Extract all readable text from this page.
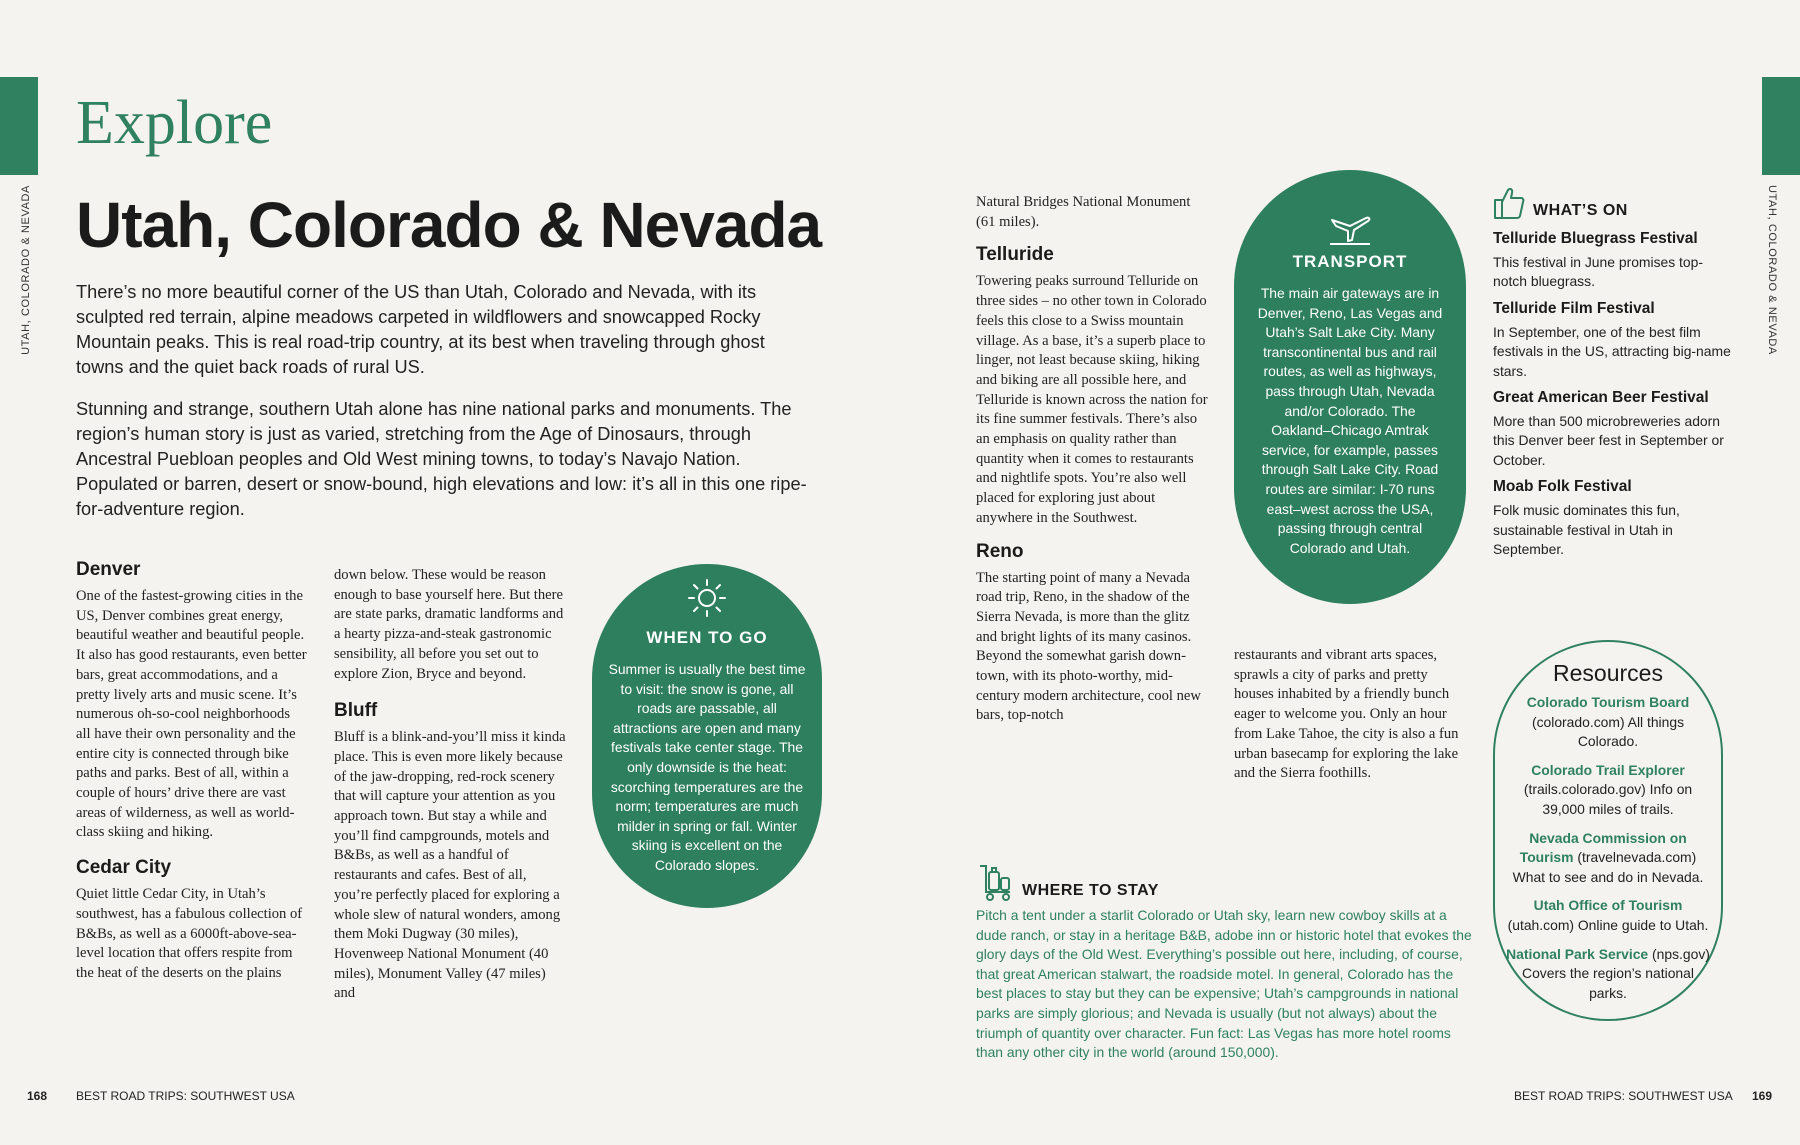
UTAH, COLORADO & NEVADA	UTAH, COLORADO & NEVADA
Explore
Utah, Colorado & Nevada

There’s no more beautiful corner of the US than Utah, Colorado and Nevada, with its sculpted red terrain, alpine meadows carpeted in wildflowers and snowcapped Rocky Mountain peaks. This is real road-trip country, at its best when traveling through ghost towns and the quiet back roads of rural US.

Stunning and strange, southern Utah alone has nine national parks and monuments. The region’s human story is just as varied, stretching from the Age of Dinosaurs, through Ancestral Puebloan peoples and Old West mining towns, to today’s Navajo Nation. Populated or barren, desert or snow-bound, high elevations and low: it’s all in this one ripe-for-adventure region.

Denver

One of the fastest-growing cities in the US, Denver combines great energy, beautiful weather and beautiful people. It also has good restaurants, even better bars, great accommodations, and a pretty lively arts and music scene. It’s numerous oh-so-cool neighborhoods all have their own personality and the entire city is connected through bike paths and parks. Best of all, within a couple of hours’ drive there are vast areas of wilderness, as well as world-class skiing and hiking.

Cedar City

Quiet little Cedar City, in Utah’s southwest, has a fabulous collection of B&Bs, as well as a 6000ft-above-sea-level location that offers respite from the heat of the deserts on the plains

down below. These would be reason enough to base yourself here. But there are state parks, dramatic landforms and a hearty pizza-and-steak gastronomic sensibility, all before you set out to explore Zion, Bryce and beyond.

Bluff

Bluff is a blink-and-you’ll miss it kinda place. This is even more likely because of the jaw-dropping, red-rock scenery that will capture your attention as you approach town. But stay a while and you’ll find campgrounds, motels and B&Bs, as well as a handful of restaurants and cafes. Best of all, you’re perfectly placed for exploring a whole slew of natural wonders, among them Moki Dugway (30 miles), Hovenweep National Monument (40 miles), Monument Valley (47 miles) and

WHEN TO GO

Summer is usually the best time to visit: the snow is gone, all roads are passable, all attractions are open and many festivals take center stage. The only downside is the heat: scorching temperatures are the norm; temperatures are much milder in spring or fall. Winter skiing is excellent on the Colorado slopes.

Natural Bridges National Monument (61 miles).

Telluride

Towering peaks surround Telluride on three sides – no other town in Colorado feels this close to a Swiss mountain village. As a base, it’s a superb place to linger, not least because skiing, hiking and biking are all possible here, and Telluride is known across the nation for its fine summer festivals. There’s also an emphasis on quality rather than quantity when it comes to restaurants and nightlife spots. You’re also well placed for exploring just about anywhere in the Southwest.

Reno

The starting point of many a Nevada road trip, Reno, in the shadow of the Sierra Nevada, is more than the glitz and bright lights of its many casinos. Beyond the somewhat garish downtown, with its photo-worthy, mid-century modern architecture, cool new bars, top-notch

restaurants and vibrant arts spaces, sprawls a city of parks and pretty houses inhabited by a friendly bunch eager to welcome you. Only an hour from Lake Tahoe, the city is also a fun urban basecamp for exploring the lake and the Sierra foothills.

TRANSPORT

The main air gateways are in Denver, Reno, Las Vegas and Utah’s Salt Lake City. Many transcontinental bus and rail routes, as well as highways, pass through Utah, Nevada and/or Colorado. The Oakland–Chicago Amtrak service, for example, passes through Salt Lake City. Road routes are similar: I-70 runs east–west across the USA, passing through central Colorado and Utah.

WHERE TO STAY
Pitch a tent under a starlit Colorado or Utah sky, learn new cowboy skills at a dude ranch, or stay in a heritage B&B, adobe inn or historic hotel that evokes the glory days of the Old West. Everything’s possible out here, including, of course, that great American stalwart, the roadside motel. In general, Colorado has the best places to stay but they can be expensive; Utah’s campgrounds in national parks are simply glorious; and Nevada is usually (but not always) about the triumph of quantity over character. Fun fact: Las Vegas has more hotel rooms than any other city in the world (around 150,000).
WHAT’S ON
Telluride Bluegrass Festival

This festival in June promises top-notch bluegrass.

Telluride Film Festival

In September, one of the best film festivals in the US, attracting big-name stars.

Great American Beer Festival

More than 500 microbreweries adorn this Denver beer fest in September or October.

Moab Folk Festival

Folk music dominates this fun, sustainable festival in Utah in September.

Resources
Colorado Tourism Board (colorado.com) All things Colorado.
Colorado Trail Explorer (trails.colorado.gov) Info on 39,000 miles of trails.
Nevada Commission on Tourism (travelnevada.com) What to see and do in Nevada.
Utah Office of Tourism (utah.com) Online guide to Utah.
National Park Service (nps.gov) Covers the region’s national parks.
168 BEST ROAD TRIPS: SOUTHWEST USA	BEST ROAD TRIPS: SOUTHWEST USA 169
